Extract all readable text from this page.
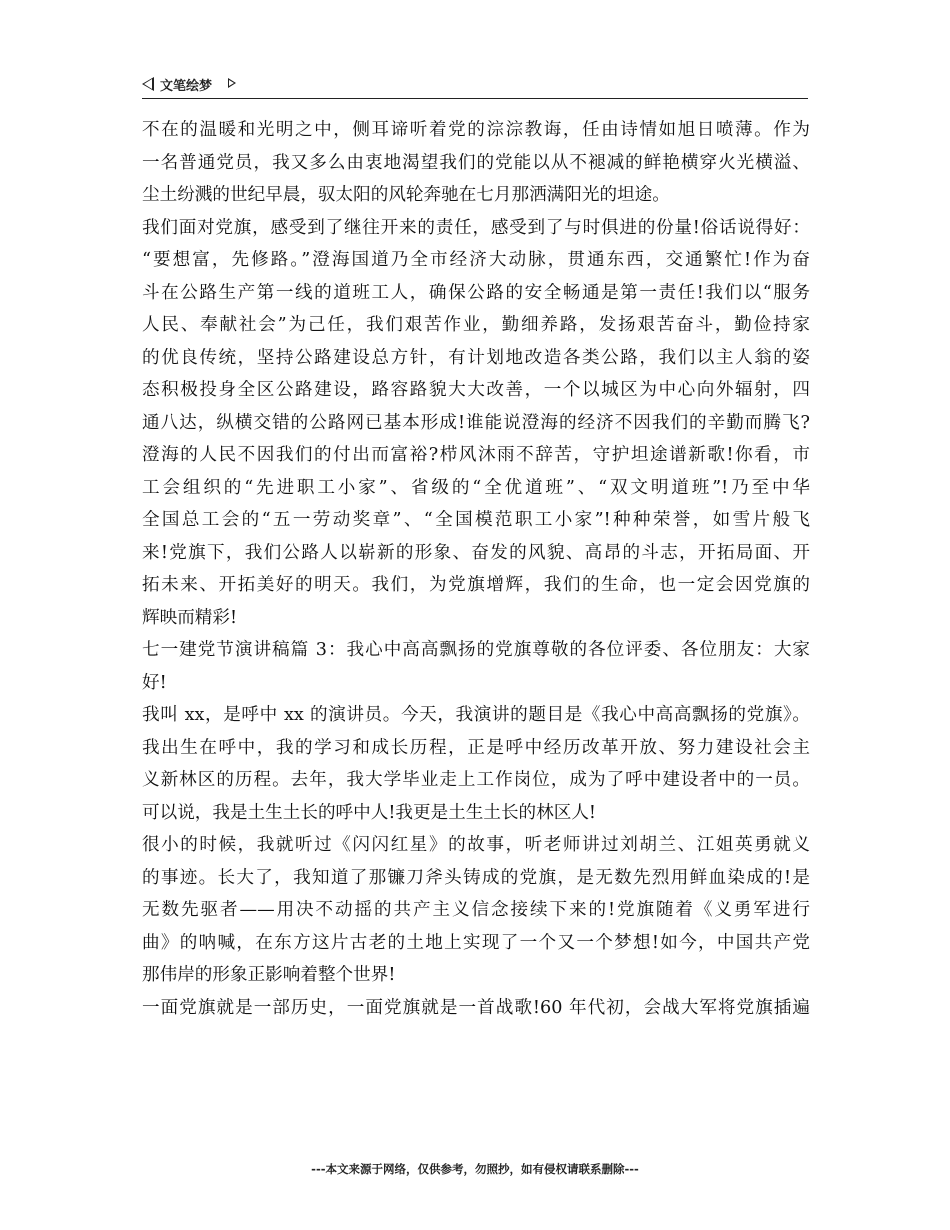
文笔绘梦
不在的温暖和光明之中，侧耳谛听着党的淙淙教诲，任由诗情如旭日喷薄。作为
一名普通党员，我又多么由衷地渴望我们的党能以从不褪减的鲜艳横穿火光横溢、
尘土纷溅的世纪早晨，驭太阳的风轮奔驰在七月那洒满阳光的坦途。
我们面对党旗，感受到了继往开来的责任，感受到了与时俱进的份量!俗话说得好：
“要想富，先修路。”澄海国道乃全市经济大动脉，贯通东西，交通繁忙!作为奋
斗在公路生产第一线的道班工人，确保公路的安全畅通是第一责任!我们以“服务
人民、奉献社会”为己任，我们艰苦作业，勤细养路，发扬艰苦奋斗，勤俭持家
的优良传统，坚持公路建设总方针，有计划地改造各类公路，我们以主人翁的姿
态积极投身全区公路建设，路容路貌大大改善，一个以城区为中心向外辐射，四
通八达，纵横交错的公路网已基本形成!谁能说澄海的经济不因我们的辛勤而腾飞?
澄海的人民不因我们的付出而富裕?栉风沐雨不辞苦，守护坦途谱新歌!你看，市
工会组织的“先进职工小家”、省级的“全优道班”、“双文明道班”!乃至中华
全国总工会的“五一劳动奖章”、“全国模范职工小家”!种种荣誉，如雪片般飞
来!党旗下，我们公路人以崭新的形象、奋发的风貌、高昂的斗志，开拓局面、开
拓未来、开拓美好的明天。我们，为党旗增辉，我们的生命，也一定会因党旗的
辉映而精彩!
七一建党节演讲稿篇 3：我心中高高飘扬的党旗尊敬的各位评委、各位朋友：大家
好!
我叫 xx，是呼中 xx 的演讲员。今天，我演讲的题目是《我心中高高飘扬的党旗》。
我出生在呼中，我的学习和成长历程，正是呼中经历改革开放、努力建设社会主
义新林区的历程。去年，我大学毕业走上工作岗位，成为了呼中建设者中的一员。
可以说，我是土生土长的呼中人!我更是土生土长的林区人!
很小的时候，我就听过《闪闪红星》的故事，听老师讲过刘胡兰、江姐英勇就义
的事迹。长大了，我知道了那镰刀斧头铸成的党旗，是无数先烈用鲜血染成的!是
无数先驱者——用决不动摇的共产主义信念接续下来的!党旗随着《义勇军进行
曲》的呐喊，在东方这片古老的土地上实现了一个又一个梦想!如今，中国共产党
那伟岸的形象正影响着整个世界!
一面党旗就是一部历史，一面党旗就是一首战歌!60 年代初，会战大军将党旗插遍
---本文来源于网络，仅供参考，勿照抄，如有侵权请联系删除---
